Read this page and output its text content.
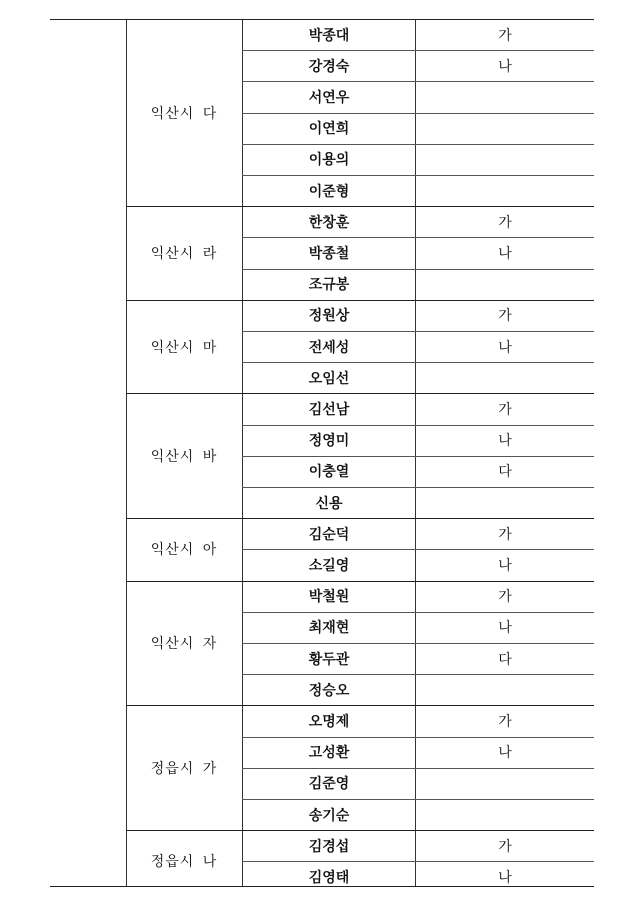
익산시 다
박종대	가
강경숙	나
서연우
이연희
이용의
이준형
익산시 라
한창훈	가
박종철	나
조규봉
익산시 마
정원상	가
전세성	나
오임선
익산시 바
김선남	가
정영미	나
이충열	다
신용
익산시 아
김순덕	가
소길영	나
익산시 자
박철원	가
최재현	나
황두관	다
정승오
정읍시 가
오명제	가
고성환	나
김준영
송기순
정읍시 나
김경섭	가
김영태	나
